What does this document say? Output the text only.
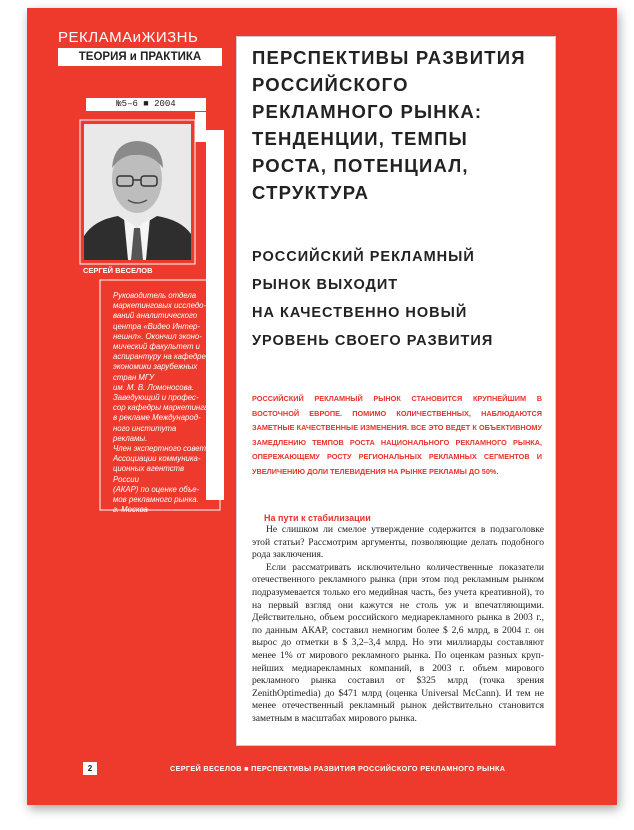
РЕКЛАМАиЖИЗНЬ
ТЕОРИЯ и ПРАКТИКА
№5–6 ■ 2004
СЕРГЕЙ ВЕСЕЛОВ
Руководитель отдела
маркетинговых исследо-
ваний аналитического
центра «Видео Интер-
нешнл». Окончил эконо-
мический факультет и
аспирантуру на кафедре
экономики зарубежных
стран МГУ
им. М. В. Ломоносова.
Заведующий и профес-
сор кафедры маркетинга
в рекламе Международ-
ного института рекламы.
Член экспертного совета
Ассоциации коммуника-
ционных агентств России
(АКАР) по оценке объе-
мов рекламного рынка.
г. Москва
ПЕРСПЕКТИВЫ РАЗВИТИЯ
РОССИЙСКОГО
РЕКЛАМНОГО РЫНКА:
ТЕНДЕНЦИИ, ТЕМПЫ
РОСТА, ПОТЕНЦИАЛ,
СТРУКТУРА
РОССИЙСКИЙ РЕКЛАМНЫЙ
РЫНОК ВЫХОДИТ
НА КАЧЕСТВЕННО НОВЫЙ
УРОВЕНЬ СВОЕГО РАЗВИТИЯ
РОССИЙСКИЙ РЕКЛАМНЫЙ РЫНОК СТАНОВИТСЯ КРУПНЕЙШИМ В ВОСТОЧНОЙ ЕВРОПЕ. ПОМИМО КОЛИЧЕСТВЕННЫХ, НАБЛЮДАЮТСЯ ЗАМЕТНЫЕ КАЧЕСТВЕННЫЕ ИЗМЕНЕНИЯ. ВСЕ ЭТО ВЕДЕТ К ОБЪЕКТИВНОМУ ЗАМЕДЛЕНИЮ ТЕМПОВ РОСТА НАЦИОНАЛЬНОГО РЕКЛАМНОГО РЫНКА, ОПЕРЕЖАЮЩЕМУ РОСТУ РЕГИОНАЛЬНЫХ РЕКЛАМНЫХ СЕГМЕНТОВ И УВЕЛИЧЕНИЮ ДОЛИ ТЕЛЕВИДЕНИЯ НА РЫНКЕ РЕКЛАМЫ ДО 50%.
На пути к стабилизации

Не слишком ли смелое утверждение содержится в подзаголовке этой статьи? Рассмотрим аргументы, позволяющие делать подобного рода заключения.

Если рассматривать исключительно количественные показатели отечественного рекламного рынка (при этом под рекламным рынком подразумевается только его медийная часть, без учета креативной), то на первый взгляд они кажутся не столь уж и впечатляющими. Действительно, объем российского медиарекламного рынка в 2003 г., по данным АКАР, составил немногим более $ 2,6 млрд, в 2004 г. он вырос до отметки в $ 3,2–3,4 млрд. Но эти миллиарды составляют менее 1% от мирового рекламного рынка. По оценкам разных крупнейших медиарекламных компаний, в 2003 г. объем мирового рекламного рынка составил от $325 млрд (точка зрения ZenithOptimedia) до $471 млрд (оценка Universal McCann). И тем не менее отечественный рекламный рынок действительно становится заметным в масштабах мирового рынка.

2	СЕРГЕЙ ВЕСЕЛОВ ■ ПЕРСПЕКТИВЫ РАЗВИТИЯ РОССИЙСКОГО РЕКЛАМНОГО РЫНКА
